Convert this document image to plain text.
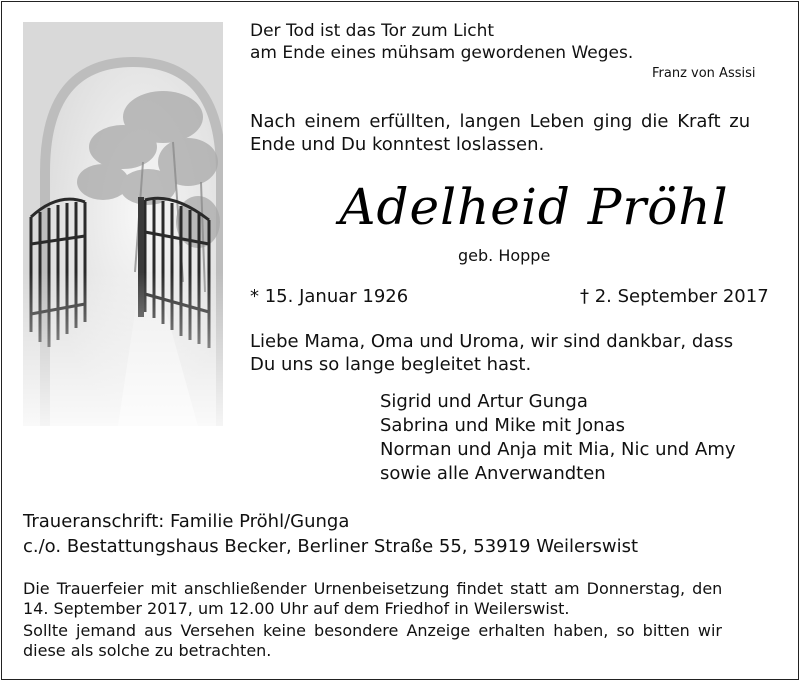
Der Tod ist das Tor zum Licht
am Ende eines mühsam gewordenen Weges.
Franz von Assisi
Nach einem erfüllten, langen Leben ging die Kraft zu
Ende und Du konntest loslassen.
Adelheid Pröhl
geb. Hoppe
* 15. Januar 1926	† 2. September 2017
Liebe Mama, Oma und Uroma, wir sind dankbar, dass
Du uns so lange begleitet hast.
Sigrid und Artur Gunga
Sabrina und Mike mit Jonas
Norman und Anja mit Mia, Nic und Amy
sowie alle Anverwandten
Traueranschrift: Familie Pröhl/Gunga
c./o. Bestattungshaus Becker, Berliner Straße 55, 53919 Weilerswist
Die Trauerfeier mit anschließender Urnenbeisetzung findet statt am Donnerstag, den
14. September 2017, um 12.00 Uhr auf dem Friedhof in Weilerswist.
Sollte jemand aus Versehen keine besondere Anzeige erhalten haben, so bitten wir
diese als solche zu betrachten.
